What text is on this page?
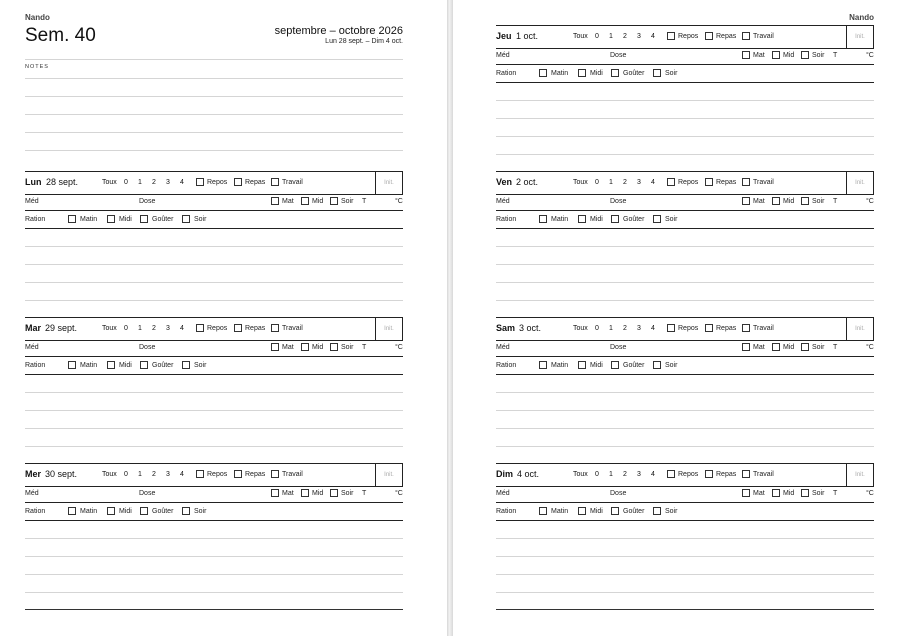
Nando
Sem. 40	septembre – octobre 2026
Lun 28 sept. – Dim 4 oct.
NOTES
Lun 28 sept.	Toux 0 1 2 3 4	Repos	Repas Travail	Init.
Méd	Dose	Mat	Mid	Soir T	°C
Ration	Matin	Midi	Goûter	Soir
Mar 29 sept.	Toux 0 1 2 3 4	Repos	Repas Travail	Init.
Méd	Dose	Mat	Mid	Soir T	°C
Ration	Matin	Midi	Goûter	Soir
Mer 30 sept.	Toux 0 1 2 3 4	Repos	Repas Travail	Init.
Méd	Dose	Mat	Mid	Soir T	°C
Ration	Matin	Midi	Goûter	Soir
Nando
Jeu 1 oct.	Toux 0 1 2 3 4	Repos	Repas Travail	Init.
Méd	Dose	Mat	Mid	Soir T	°C
Ration	Matin	Midi	Goûter	Soir
Ven 2 oct.	Toux 0 1 2 3 4	Repos	Repas Travail	Init.
Méd	Dose	Mat	Mid	Soir T	°C
Ration	Matin	Midi	Goûter	Soir
Sam 3 oct.	Toux 0 1 2 3 4	Repos	Repas Travail	Init.
Méd	Dose	Mat	Mid	Soir T	°C
Ration	Matin	Midi	Goûter	Soir
Dim 4 oct.	Toux 0 1 2 3 4	Repos	Repas Travail	Init.
Méd	Dose	Mat	Mid	Soir T	°C
Ration	Matin	Midi	Goûter	Soir
